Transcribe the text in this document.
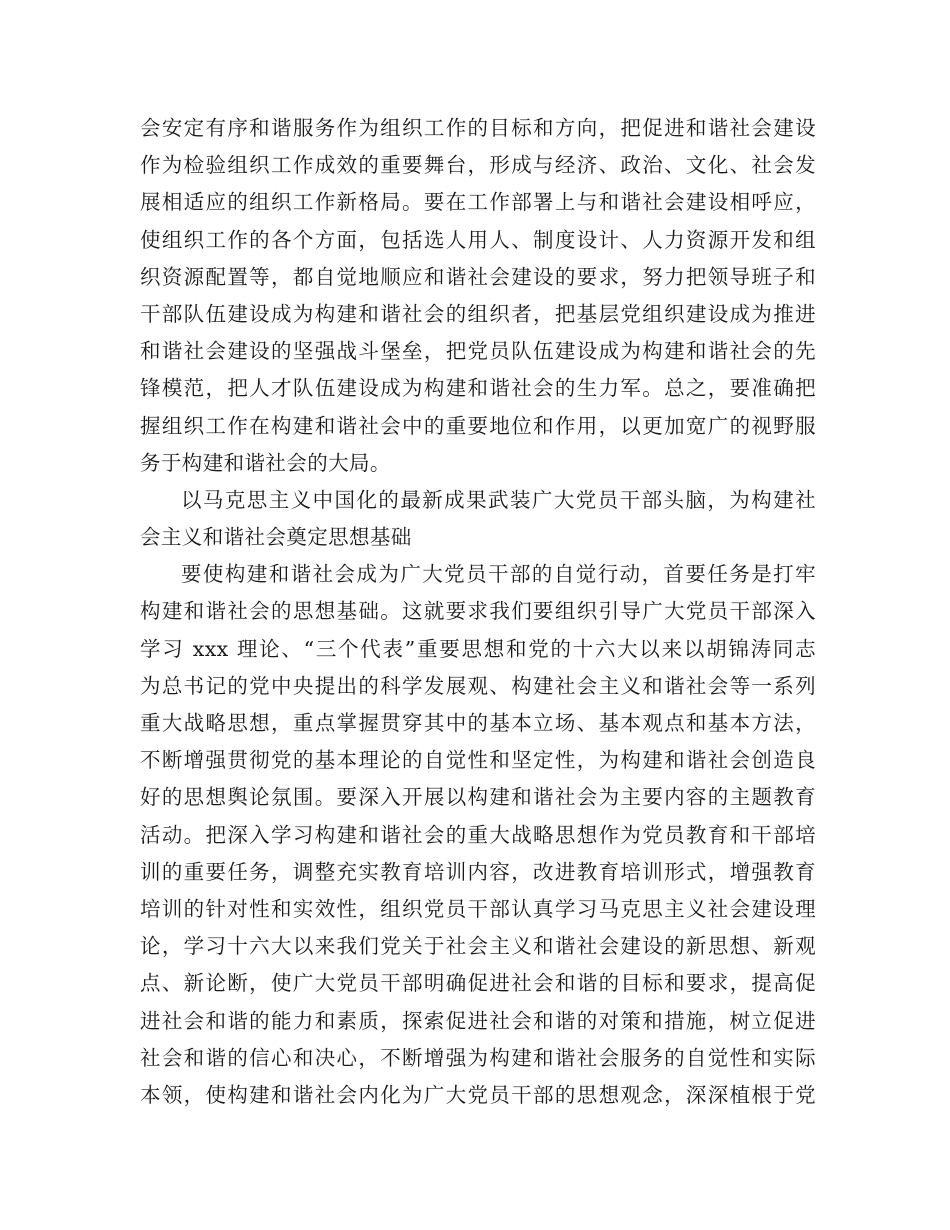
会安定有序和谐服务作为组织工作的目标和方向，把促进和谐社会建设
作为检验组织工作成效的重要舞台，形成与经济、政治、文化、社会发
展相适应的组织工作新格局。要在工作部署上与和谐社会建设相呼应，
使组织工作的各个方面，包括选人用人、制度设计、人力资源开发和组
织资源配置等，都自觉地顺应和谐社会建设的要求，努力把领导班子和
干部队伍建设成为构建和谐社会的组织者，把基层党组织建设成为推进
和谐社会建设的坚强战斗堡垒，把党员队伍建设成为构建和谐社会的先
锋模范，把人才队伍建设成为构建和谐社会的生力军。总之，要准确把
握组织工作在构建和谐社会中的重要地位和作用，以更加宽广的视野服
务于构建和谐社会的大局。
以马克思主义中国化的最新成果武装广大党员干部头脑，为构建社
会主义和谐社会奠定思想基础
要使构建和谐社会成为广大党员干部的自觉行动，首要任务是打牢
构建和谐社会的思想基础。这就要求我们要组织引导广大党员干部深入
学习 xxx 理论、“三个代表”重要思想和党的十六大以来以胡锦涛同志
为总书记的党中央提出的科学发展观、构建社会主义和谐社会等一系列
重大战略思想，重点掌握贯穿其中的基本立场、基本观点和基本方法，
不断增强贯彻党的基本理论的自觉性和坚定性，为构建和谐社会创造良
好的思想舆论氛围。要深入开展以构建和谐社会为主要内容的主题教育
活动。把深入学习构建和谐社会的重大战略思想作为党员教育和干部培
训的重要任务，调整充实教育培训内容，改进教育培训形式，增强教育
培训的针对性和实效性，组织党员干部认真学习马克思主义社会建设理
论，学习十六大以来我们党关于社会主义和谐社会建设的新思想、新观
点、新论断，使广大党员干部明确促进社会和谐的目标和要求，提高促
进社会和谐的能力和素质，探索促进社会和谐的对策和措施，树立促进
社会和谐的信心和决心，不断增强为构建和谐社会服务的自觉性和实际
本领，使构建和谐社会内化为广大党员干部的思想观念，深深植根于党
